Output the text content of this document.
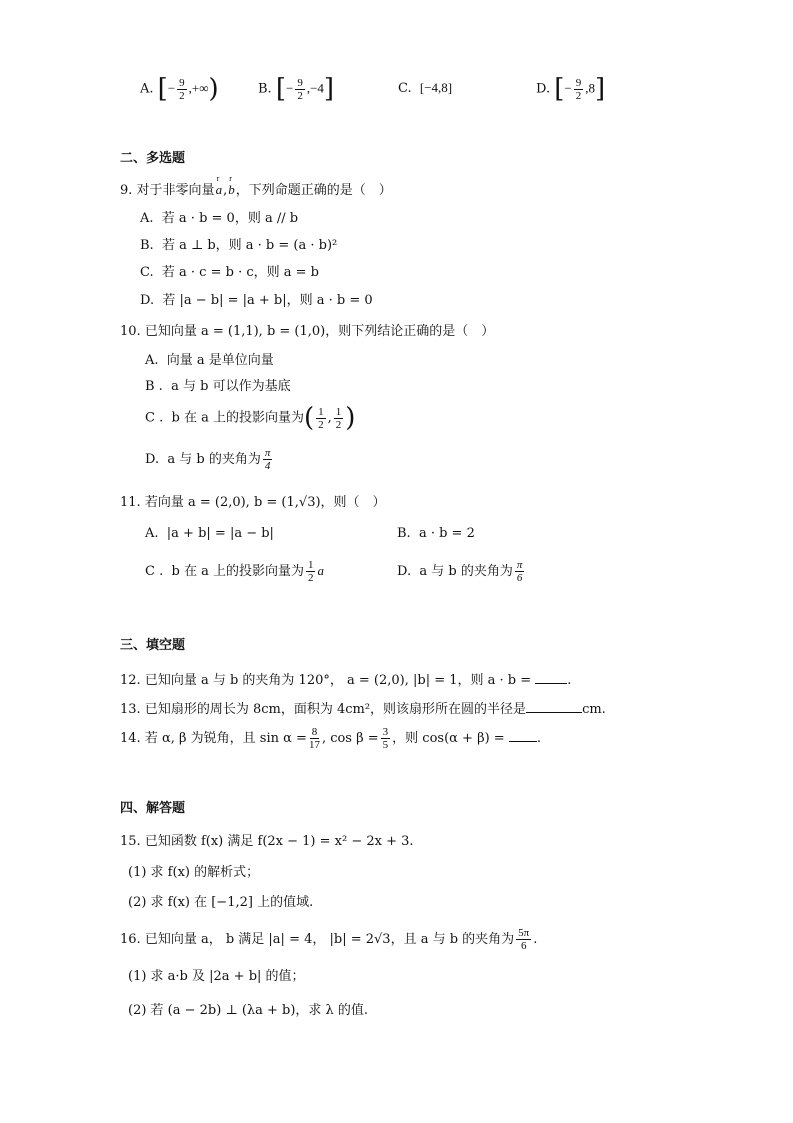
A. [− $\frac{9}{2}$ ,+∞)	B. [− $\frac{9}{2} ,-4$]	C. [−4,8]	D. [− $\frac{9}{2} ,8$]
二、多选题
9. 对于非零向量r a,r b，下列命题正确的是（　）
A. 若 a · b = 0，则 a // b
B. 若 a ⊥ b，则 a · b = (a · b)²
C. 若 a · c = b · c，则 a = b
D. 若 |a − b| = |a + b|，则 a · b = 0
10. 已知向量 a = (1,1), b = (1,0)，则下列结论正确的是（　）
A. 向量 a 是单位向量
B . a 与 b 可以作为基底
C . b 在 a 上的投影向量为( $\frac{1}{2}$ , $\frac{1}{2}$ )
D. a 与 b 的夹角为 $\frac{\pi}{4}$
11. 若向量 a = (2,0), b = (1,√3)，则（　）
A. |a + b| = |a − b|	B. a · b = 2
C . b 在 a 上的投影向量为 $\frac{1}{2}$ a	D. a 与 b 的夹角为 $\frac{\pi}{6}$
三、填空题
12. 已知向量 a 与 b 的夹角为 120°， a = (2,0), |b| = 1，则 a · b =	.
13. 已知扇形的周长为 8cm，面积为 4cm²，则该扇形所在圆的半径是	cm.
14. 若 α, β 为锐角，且 $\sin \alpha = \frac{8}{17}$ , $\cos \beta = \frac{3}{5}$ ，则 cos(α + β) = .
四、解答题
15. 已知函数 f(x) 满足 f(2x − 1) = x² − 2x + 3.
(1) 求 f(x) 的解析式；
(2) 求 f(x) 在 [−1,2] 上的值域.
16. 已知向量 a， b 满足 |a| = 4， |b| = 2√3，且 a 与 b 的夹角为 $\frac{5\pi}{6}$ .
(1) 求 a·b 及 |2a + b| 的值；
(2) 若 (a − 2b) ⊥ (λa + b)，求 λ 的值.
